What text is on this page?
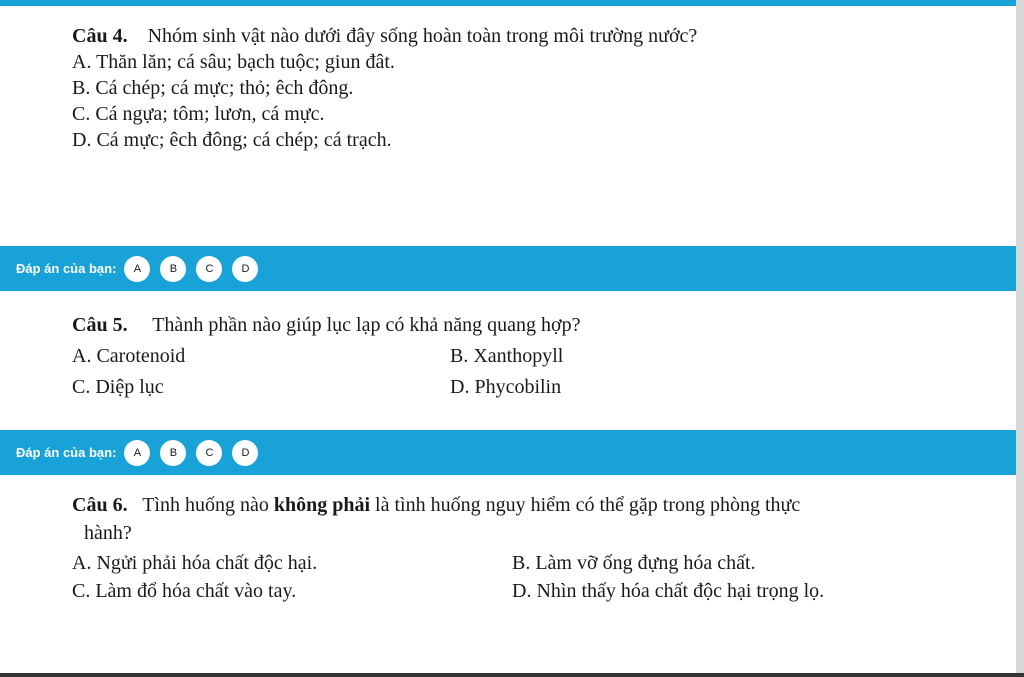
Câu 4. Nhóm sinh vật nào dưới đây sống hoàn toàn trong môi trường nước?
A. Thăn lăn; cá sâu; bạch tuộc; giun đât.
B. Cá chép; cá mực; thỏ; êch đông.
C. Cá ngựa; tôm; lươn, cá mực.
D. Cá mực; êch đông; cá chép; cá trạch.
Đáp án của bạn:	A	B	C	D
Câu 5. Thành phần nào giúp lục lạp có khả năng quang hợp?
A. Carotenoid	B. Xanthopyll
C. Diệp lục	D. Phycobilin
Đáp án của bạn:	A	B	C	D
Câu 6. Tình huống nào không phải là tình huống nguy hiểm có thể gặp trong phòng thực
hành?
A. Ngửi phải hóa chất độc hại.	B. Làm vỡ ống đựng hóa chất.
C. Làm đổ hóa chất vào tay.	D. Nhìn thấy hóa chất độc hại trọng lọ.
